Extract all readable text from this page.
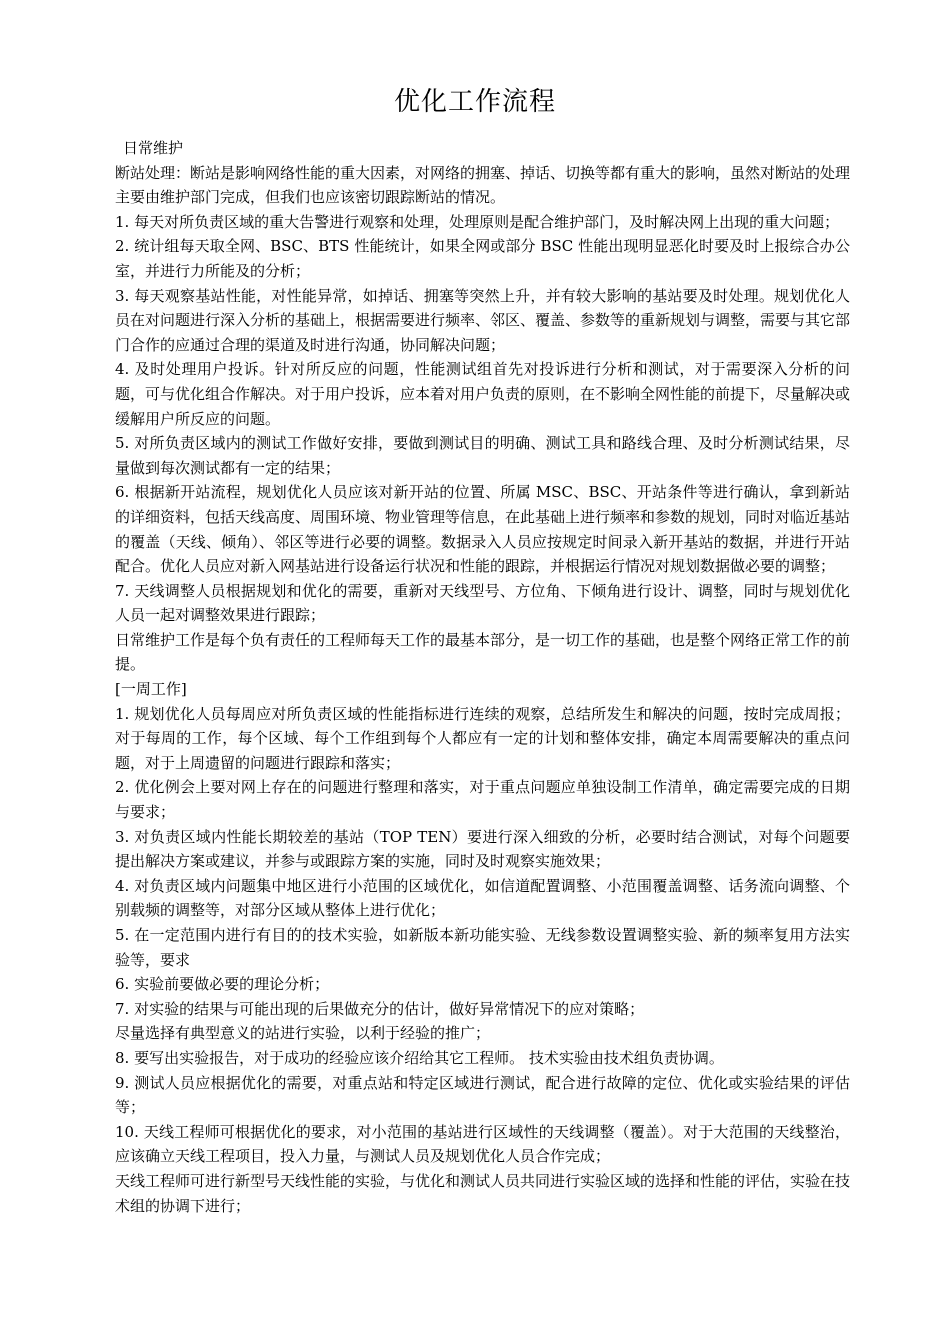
优化工作流程

日常维护

断站处理：断站是影响网络性能的重大因素，对网络的拥塞、掉话、切换等都有重大的影响，虽然对断站的处理主要由维护部门完成，但我们也应该密切跟踪断站的情况。

1. 每天对所负责区域的重大告警进行观察和处理，处理原则是配合维护部门，及时解决网上出现的重大问题；

2. 统计组每天取全网、BSC、BTS 性能统计，如果全网或部分 BSC 性能出现明显恶化时要及时上报综合办公室，并进行力所能及的分析；

3. 每天观察基站性能，对性能异常，如掉话、拥塞等突然上升，并有较大影响的基站要及时处理。规划优化人员在对问题进行深入分析的基础上，根据需要进行频率、邻区、覆盖、参数等的重新规划与调整，需要与其它部门合作的应通过合理的渠道及时进行沟通，协同解决问题；

4. 及时处理用户投诉。针对所反应的问题，性能测试组首先对投诉进行分析和测试，对于需要深入分析的问题，可与优化组合作解决。对于用户投诉，应本着对用户负责的原则，在不影响全网性能的前提下，尽量解决或缓解用户所反应的问题。

5. 对所负责区域内的测试工作做好安排，要做到测试目的明确、测试工具和路线合理、及时分析测试结果，尽量做到每次测试都有一定的结果；

6. 根据新开站流程，规划优化人员应该对新开站的位置、所属 MSC、BSC、开站条件等进行确认，拿到新站的详细资料，包括天线高度、周围环境、物业管理等信息，在此基础上进行频率和参数的规划，同时对临近基站的覆盖（天线、倾角）、邻区等进行必要的调整。数据录入人员应按规定时间录入新开基站的数据，并进行开站配合。优化人员应对新入网基站进行设备运行状况和性能的跟踪，并根据运行情况对规划数据做必要的调整；

7. 天线调整人员根据规划和优化的需要，重新对天线型号、方位角、下倾角进行设计、调整，同时与规划优化人员一起对调整效果进行跟踪；

日常维护工作是每个负有责任的工程师每天工作的最基本部分，是一切工作的基础，也是整个网络正常工作的前提。

[一周工作]

1. 规划优化人员每周应对所负责区域的性能指标进行连续的观察，总结所发生和解决的问题，按时完成周报；对于每周的工作，每个区域、每个工作组到每个人都应有一定的计划和整体安排，确定本周需要解决的重点问题，对于上周遗留的问题进行跟踪和落实；

2. 优化例会上要对网上存在的问题进行整理和落实，对于重点问题应单独设制工作清单，确定需要完成的日期与要求；

3. 对负责区域内性能长期较差的基站（TOP TEN）要进行深入细致的分析，必要时结合测试，对每个问题要提出解决方案或建议，并参与或跟踪方案的实施，同时及时观察实施效果；

4. 对负责区域内问题集中地区进行小范围的区域优化，如信道配置调整、小范围覆盖调整、话务流向调整、个别载频的调整等，对部分区域从整体上进行优化；

5. 在一定范围内进行有目的的技术实验，如新版本新功能实验、无线参数设置调整实验、新的频率复用方法实验等，要求

6. 实验前要做必要的理论分析；

7. 对实验的结果与可能出现的后果做充分的估计，做好异常情况下的应对策略；

尽量选择有典型意义的站进行实验，以利于经验的推广；

8. 要写出实验报告，对于成功的经验应该介绍给其它工程师。 技术实验由技术组负责协调。

9. 测试人员应根据优化的需要，对重点站和特定区域进行测试，配合进行故障的定位、优化或实验结果的评估等；

10. 天线工程师可根据优化的要求，对小范围的基站进行区域性的天线调整（覆盖）。对于大范围的天线整治，应该确立天线工程项目，投入力量，与测试人员及规划优化人员合作完成；

天线工程师可进行新型号天线性能的实验，与优化和测试人员共同进行实验区域的选择和性能的评估，实验在技术组的协调下进行；
